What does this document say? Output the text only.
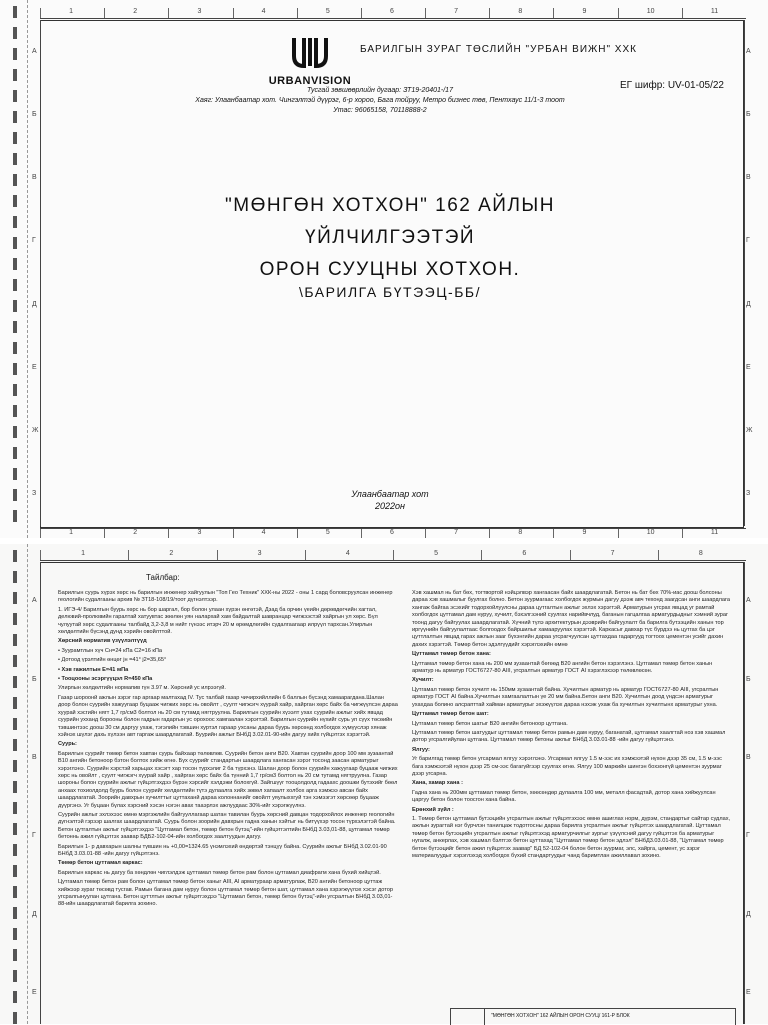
1	2	3	4	5	6	7	8	9	10	11
A
Б
В
Г
Д
Е
Ж
З
A
Б
В
Г
Д
Е
Ж
З
1	2	3	4	5	6	7	8	9	10	11
URBANVISION
БАРИЛГЫН ЗУРАГ ТӨСЛИЙН "УРБАН ВИЖН" ХХК
ЕГ шифр: UV-01-05/22
Тусгай зөвшөөрлийн дугаар: ЗТ19-20401-/17
Хаяг: Улаанбаатар хот. Чингэлтэй дүүрэг, 6-р хороо, Бага тойруу, Метро бизнес төв, Пентхаус 11/1-3 тоот
Утас: 96065158, 70118888-2
"МӨНГӨН ХОТХОН" 162 АЙЛЫН ҮЙЛЧИЛГЭЭТЭЙ
ОРОН СУУЦНЫ ХОТХОН.
\БАРИЛГА БҮТЭЭЦ-ББ/
Улаанбаатар хот
2022он
1	2	3	4	5	6	7	8
A
Б
В
Г
Д
Е
A
Б
В
Г
Д
Е
Тайлбар:

Барилгын суурь хүрэх хөрс нь барилгын инженер хайгуулын "Топ Гео Техник" ХХК-ны 2022 - оны 1 сард боловсруулсан инженер геологийн судалгааны архив № ЗТ18-108/19/тоот дүгнэлтээр.

1. ИГЭ-4/ Барилгын буурь хөрс нь бор шаргал, бор болон улаан хүрэн өнгөтэй, Дзад ба орчин үеийн дөрөвдөгчийн хагтал, делювий-пролювийн гаралтай хатуувтас зөөлөн уян налархай хам байдалтай шавранцар чигжээстэй хайргын ул хөрс. Бүл чулуутай хөрс судалгааны талбайд 3,2-3,8 м нийт гүнээс итэрч 20 м өрөмдлөгийн судалгаагаар илрүүл тархсан.Улирлын хөлдөлтийн бүсэнд дунд хэрийн овойлттой.

Хөрсний норматив үзүүлэлтүүд

• Зуурамтлын хүч Сн=24 кПа C2=16 кПа

• Дотоод үрэлтийн өнцөг jн =41° j2=35,65°

• Хэв гажилтын E=41 мПа

• Тооцооны эсэргүүцэл R=450 кПа

Улирлын хөлдөлтийн нормапив гүн 3.97 м. Хөрсний ус илрээгүй.

Газар шороонй ажлын зэрэг гар аргаар малтахад IV. Тус талбай газар чичирхийллийн 6 баллын бүсэнд хамаарагдана.Шалан доор болон суурийн хажуугаар буцааж чигжих хөрс нь овойлт , суулт чигжэгч хүурай хайр, хайрган хөрс байх ба чигжүүлсэн дараа хуурай хэсгийн нягт 1,7 гр/см3 болтол нь 20 см тутамд нягтруулна. Барилгын суурийн хүээлт ухах суурийн ажлыг хийх явцад суурийн ухханд борооны болон гадрын гадаргын ус орохоос хамгаалан хэрэгтэй. Барилгын суурийн нүхийг сурь уп сүүх төсөийн тэвшинтээс доош 30 см даргуу ухаж, тэгэлийн тэвшин хуртэл гараар ухсаны дараа буурь хөрсөнд холбогдох хүмүүслэр хянаж хэйнэх шүлэг дахь хүлээн авт гаргаж шаардлагатай. Буурийн ажлыг БНбД 3.02.01-90-ийн дагуу хийх гүйцэтгэх хэрэгтэй.

Суурь:

Барилгын суурийг төмөр бетон хавтан суурь байхаар төлөвлөв. Суурийн бетон анги В20. Хавтан суурийн доор 100 мм зузаантай В10 ангийн бетоноор бэтон болтох хийж өгнө. Бүх суурийг стандартын шаардлага хангасан зэрэг тосонд заасан арматурыг хэрэглэнэ. Суурийн хэрстэй харьцах хэсэгт хар тосон түрхэлиг 2 ба түрхэнэ. Шалан доор болон суурийн хажуугаар буцааж чигжих хөрс нь овойлт , суулт чигжэгч хүурай хайр , хайрган хөрс байх ба түнний 1,7 гр/см3 болтол нь 20 см тутамд нягтруулна. Газар шороны болон суурийн ажлыг гүйцэтгэхдээ бүрэн хэрсийг хэлдэжи болохгүй. Зайгшүүг тооцолдолд гадаахс доошки бутэхийг бөөл анхаах тохиолдолд буурь болон суурийг хелдөлтийн түтэ дулаалга хийх зөвөл хапаалт холбох арга хэмжээ авсан байх шаардлагатай. Зоорийн давхрын хучилттыг цуттаханй дараа колоннанийг овойлт уяулыххгуй тэн хэмээгэт хөрсөөр буцааж дүүргэнэ. Уг буцаан бүлах хэрсний хэсэн нэгэн авах тааэрлэх ажлуудаас 30%-ийг хэрэгжүүлнэ.

Суурийн ажлыг эхлэхээс өмнө мэргэжлийн байгууллагаар шатан тавилан буурь хөрсний давцан тодорхойлох инженер геологийн дүгнэлтэй гэрээр шалгах шаардлагатай. Суурь болон зоорийн давхрын гадна ханын хэйтыг нь битүүхэр тосон түрхэлэгтэй байна. Бетон цутгалтын ажлыг гүйцэтгэхдээ "Цутгамал бетон, төмөр бетон бүтэц"-ийн гүйцэтгэлтийн БНбД 3.03,01-88, цутгамал төмөр бетоннь ажил гүйцэтгэх заавар БДБ2-102-04-ийн холбогдох заалтуудын дагуу.

Барилгын 1- р давхарын шалны түвшин нь +0,00=1324.65 үнэмлэхий өндөртэй тэнцүү байна. Суурийн ажлыг БНбД 3.02.01-90 БНбД 3.03.01-88 -ийн дагуу гүйцэтгэнэ.

Төмөр бетон цуттамал каркас:

Барилгын каркас нь дагуу ба хөндлөн чиглэлдэж цуттамал төмөр бетон рам болон цутгамал диафрагм хана бүхий хийцтэй.

Цутгамал төмөр бетон рам болон цуттамал төмөр бетон ханыг AIII, AI арматураар арматурлаж, B20 ангийн бетоноор цуттаж хийжээр зураг төсөвд тусгав. Рамын багана дам нуруу болон цуттамал төмөр бетон шат, цуттамал хана хэрэгжүүлэх хэсэг дотор угсралгынуулан цутгана. Бетон цуттлтын ажлыг гүйцэтгэхдээ "Цутгамал бетон, төмөр бетон бүтэц"-ийн угсралтын БНбД 3.03,01-88-ийн шаардлагатай барилга зохино.

Хэв хашмал нь бат бөх, тогтвортой нэйцэлвэр хангаасан байх шаардлагатай. Бетон нь бат бөх 70%-иас доош болсоны дараа хэв хашмалыг буулгах болно. Бетон зуурмагаас холбогдох журмын дагуу дээж авч техонд заагдсан анги шаардлага хангаж байгаа эсэхийг тодорхойлуулсны дараа цутгалтын ажлыг эхлэх хэрэгтэй. Арматурын угсрах явцад уг рамтай холбогдох цуттамал дам нуруу, хучилт, бэхэлгээний суулгах нарийвчлуд, баганын гагцалгаа арматурдыдныг хэмний зураг тоонд дагуу байгуулах шаардлагатай. Хүчний түлэ архитектурын дээврийн байгуулалт ба барилга бутээцийн ханын тор иргүүнийн байгуулалтаас болгоодох байршилыг хамааруулах хэрэгтэй. Каркасыг давхар түс бүрдээ нь цутгах ба цэг цуттлалтын явцад гарах ажлын зааг бүхэнгийн дараа угсрагчуулсан цуттахдаа гадаргууд тогтоох цементэн усийг дахин дахих хэрэгтэй. Төмөр бетон эдэлгүүдийг хэрэглэхийн өмнө

Цуттамал төмөр бетон хана:

Цуттамал төмөр бетон хана нь 200 мм зузаантай бөгөөд В20 ангийн бетон хэрэглэнэ. Цутгамал төмөр бетон ханын арматур нь арматур ГОСТ6727-80 AIII, угсралтын арматур ГОСТ AI хэрэглэхээр төлөвлөсөн.

Хучилт:

Цутгамал төмөр бетон хучилт нь 150мм зузаантай байна. Хучилтын арматур нь арматур ГОСТ6727-80 AIII, угсралтын арматур ГОСТ AI байна.Хучилтын хамгаалалтын үе 20 мм байна.Бетон анги В20. Хучилтын доод үндсэн арматурыг ухахдаа болино алсрапттай хайман арматурыг эхэжүүлэх дараа нэхэж ухаж ба хучилтын хучилтынх арматурыг ухна.

Цуттамал төмөр бетон шат:

Цутгамал төмөр бетон шатыг В20 ангийн бетоноор цуттана.

Цутгамал төмөр бетон шатуудыг цуттамал төмөр бетон рамын дам нуруу, баганатай, цутгамал хаалгтай ноз хэв хашмал дотор угсралгийулан цутгана. Цуттамал төмөр бетоны ажлыг БНбД 3.03.01-88 -ийн дагуу гүйцэтгэнэ.

Ялгуу:

Уг барилгад төмөр бетон угсармал ялгуу хэрэглэнэ. Угсармал ялгуу 1.5 м-ээс их хэмжээтэй нүхон дээр 35 см, 1.5 м-ээс бага хэмжээтэй нүхон дээр 25 см-ээс багагүйгээр суулгах өгнө. Ялгуу 100 маркийн шингэн бохзонгүй цементэн зуурмаг дээр угсарна.

Хана, хамар хана :

Гадна ханa нь 200мм цуттамал төмөр бетон, хөөсөндөр дулаалга 100 мм, металл фасадтай, дотор хана хийжуулсан царгуу бетон болон тоосгон хана байна.

Ерөнхий зүйл :

1. Төмөр бетон цуттамал бутээцийн угсралтын ажлыг гүйцэтгэхээс өмнө ашиглах норм, дүрэм, стандартыг сайтар судлах, ажлын зурагтай нэг бүрчлэн танилцаж тодотгосны дараа барилга угсралтын ажлыг гүйцэтгэх шаардлагатай. Цуттамал төмөр бетон бутээцийн угсралтын ажлыг гүйцэтгэхэд арматурчилгыг зургыг үзүүлсний дагуу гүйцэтгэх ба арматурыг нугалж, анкерлах, хэв хашмал бэлтгэх бетон цуттахад "Цутгамал төмөр бетон эдлэл" БНбД3.03.01-88, "Цутгамал төмөр бетон бүтээцийг бетон ажил гүйцэтгэх заавар" БД 52-102-04 болон бетон зуурмаг, элс, хайрга, цемент, ус зэрэг материалуудыг хэрэглэхэд холбогдох бүхий стандартуудыг чанд баримтлан ажиллавал зохино.

"МӨНГӨН ХОТХОН" 162 АЙЛЫН ОРОН СУУЦ/ 161-Р БЛОК
